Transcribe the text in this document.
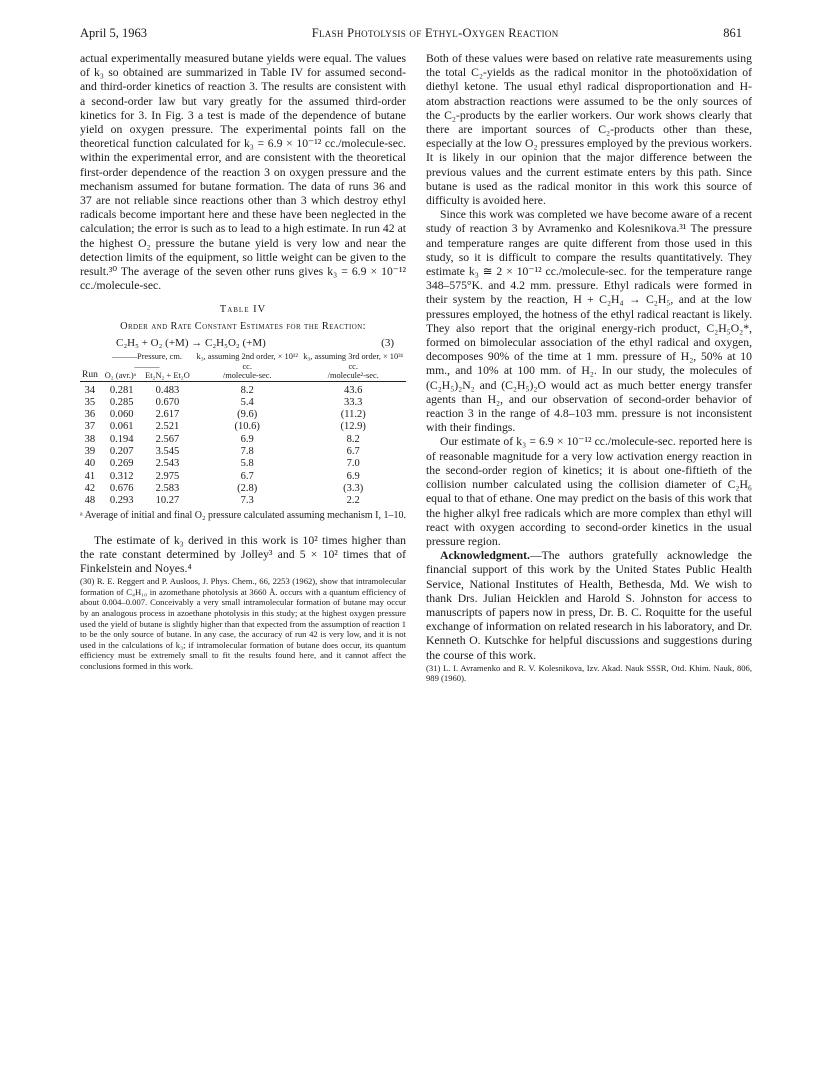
April 5, 1963	Flash Photolysis of Ethyl-Oxygen Reaction	861

actual experimentally measured butane yields were equal. The values of k₃ so obtained are summarized in Table IV for assumed second- and third-order kinetics of reaction 3. The results are consistent with a second-order law but vary greatly for the assumed third-order kinetics for 3. In Fig. 3 a test is made of the dependence of butane yield on oxygen pressure. The experimental points fall on the theoretical function calculated for k₃ = 6.9 × 10⁻¹² cc./molecule-sec. within the experimental error, and are consistent with the theoretical first-order dependence of the reaction 3 on oxygen pressure and the mechanism assumed for butane formation. The data of runs 36 and 37 are not reliable since reactions other than 3 which destroy ethyl radicals become important here and these have been neglected in the calculation; the error is such as to lead to a high estimate. In run 42 at the highest O₂ pressure the butane yield is very low and near the detection limits of the equipment, so little weight can be given to the result.³⁰ The average of the seven other runs gives k₃ = 6.9 × 10⁻¹² cc./molecule-sec.

Table IV
Order and Rate Constant Estimates for the Reaction:
C₂H₅ + O₂ (+M) → C₂H₅O₂ (+M)	(3)
	———Pressure, cm.———		k₃, assuming 2nd order, × 10¹² cc.	k₃, assuming 3rd order, × 10³¹ cc.
Run	O₂ (avr.)ᵃ	Et₂N₂ + Et₂O	/molecule-sec.	/molecule²-sec.

34	0.281	0.483	8.2	43.6
35	0.285	0.670	5.4	33.3
36	0.060	2.617	(9.6)	(11.2)
37	0.061	2.521	(10.6)	(12.9)
38	0.194	2.567	6.9	8.2
39	0.207	3.545	7.8	6.7
40	0.269	2.543	5.8	7.0
41	0.312	2.975	6.7	6.9
42	0.676	2.583	(2.8)	(3.3)
48	0.293	10.27	7.3	2.2
ᵃ Average of initial and final O₂ pressure calculated assuming mechanism I, 1–10.

The estimate of k₃ derived in this work is 10² times higher than the rate constant determined by Jolley³ and 5 × 10² times that of Finkelstein and Noyes.⁴

(30) R. E. Reggert and P. Ausloos, J. Phys. Chem., 66, 2253 (1962), show that intramolecular formation of C₄H₁₀ in azomethane photolysis at 3660 Å. occurs with a quantum efficiency of about 0.004–0.007. Conceivably a very small intramolecular formation of butane may occur by an analogous process in azoethane photolysis in this study; at the highest oxygen pressure used the yield of butane is slightly higher than that expected from the assumption of reaction 1 to be the only source of butane. In any case, the accuracy of run 42 is very low, and it is not used in the calculations of k₃; if intramolecular formation of butane does occur, its quantum efficiency must be extremely small to fit the results found here, and it cannot affect the conclusions formed in this work.

Both of these values were based on relative rate measurements using the total C₂-yields as the radical monitor in the photoöxidation of diethyl ketone. The usual ethyl radical disproportionation and H-atom abstraction reactions were assumed to be the only sources of the C₂-products by the earlier workers. Our work shows clearly that there are important sources of C₂-products other than these, especially at the low O₂ pressures employed by the previous workers. It is likely in our opinion that the major difference between the previous values and the current estimate enters by this path. Since butane is used as the radical monitor in this work this source of difficulty is avoided here.

Since this work was completed we have become aware of a recent study of reaction 3 by Avramenko and Kolesnikova.³¹ The pressure and temperature ranges are quite different from those used in this study, so it is difficult to compare the results quantitatively. They estimate k₃ ≅ 2 × 10⁻¹² cc./molecule-sec. for the temperature range 348–575°K. and 4.2 mm. pressure. Ethyl radicals were formed in their system by the reaction, H + C₂H₄ → C₂H₅, and at the low pressures employed, the hotness of the ethyl radical reactant is likely. They also report that the original energy-rich product, C₂H₅O₂*, formed on bimolecular association of the ethyl radical and oxygen, decomposes 90% of the time at 1 mm. pressure of H₂, 50% at 10 mm., and 10% at 100 mm. of H₂. In our study, the molecules of (C₂H₅)₂N₂ and (C₂H₅)₂O would act as much better energy transfer agents than H₂, and our observation of second-order behavior of reaction 3 in the range of 4.8–103 mm. pressure is not inconsistent with their findings.

Our estimate of k₃ = 6.9 × 10⁻¹² cc./molecule-sec. reported here is of reasonable magnitude for a very low activation energy reaction in the second-order region of kinetics; it is about one-fiftieth of the collision number calculated using the collision diameter of C₂H₆ equal to that of ethane. One may predict on the basis of this work that the higher alkyl free radicals which are more complex than ethyl will react with oxygen according to second-order kinetics in the usual pressure region.

Acknowledgment.—The authors gratefully acknowledge the financial support of this work by the United States Public Health Service, National Institutes of Health, Bethesda, Md. We wish to thank Drs. Julian Heicklen and Harold S. Johnston for access to manuscripts of papers now in press, Dr. B. C. Roquitte for the useful exchange of information on related research in his laboratory, and Dr. Kenneth O. Kutschke for helpful discussions and suggestions during the course of this work.

(31) L. I. Avramenko and R. V. Kolesnikova, Izv. Akad. Nauk SSSR, Otd. Khim. Nauk, 806, 989 (1960).
